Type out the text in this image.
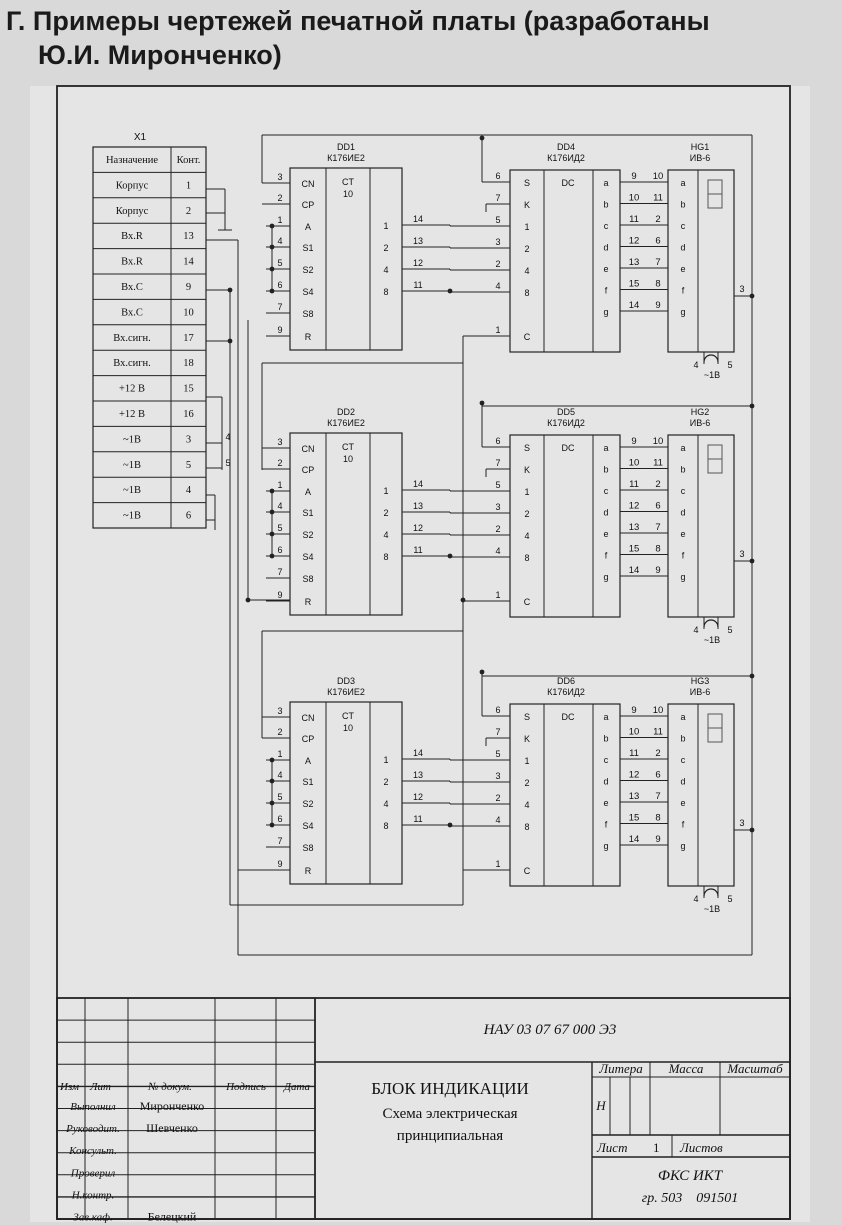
Г. Примеры чертежей печатной платы (разработаны
Ю.И. Миронченко)
X1
Назначение Конт.
Корпус	1
Корпус	2
Вх.R	13
Вх.R	14
Вх.С	9
Вх.С	10
Вх.сигн.	17
Вх.сигн.	18
+12 В	15
+12 В	16
~1В	3
~1В	5
~1В	4
~1В	6
4
5
DD1
К176ИЕ2
CT
10
CN
3
CP
2
A
1
S1
4
S2
5
S4
6
S8
7
R
9
1
14
2
13
4
12
8
11
DD4
К176ИД2
DC
S
6
K
7
1
5
2
3
4
2
8
4
C
1
a
9
b
10
c
11
d
12
e
13
f
15
g
14
HG1
ИВ-6
a
10
b
11
c
2
d
6
e
7
f
8
g
9
3
4	5
~1В
DD2
К176ИЕ2
CT
10
CN
3
CP
2
A
1
S1
4
S2
5
S4
6
S8
7
R
9
1
14
2
13
4
12
8
11
DD5
К176ИД2
DC
S
6
K
7
1
5
2
3
4
2
8
4
C
1
a
9
b
10
c
11
d
12
e
13
f
15
g
14
HG2
ИВ-6
a
10
b
11
c
2
d
6
e
7
f
8
g
9
3
4	5
~1В
DD3
К176ИЕ2
CT
10
CN
3
CP
2
A
1
S1
4
S2
5
S4
6
S8
7
R
9
1
14
2
13
4
12
8
11
DD6
К176ИД2
DC
S
6
K
7
1
5
2
3
4
2
8
4
C
1
a
9
b
10
c
11
d
12
e
13
f
15
g
14
HG3
ИВ-6
a
10
b
11
c
2
d
6
e
7
f
8
g
9
3
4	5
~1В
НАУ 03 07 67 000 Э3
БЛОК ИНДИКАЦИИ
Схема электрическая
принципиальная
Изм Лит	№ докум.	Подпись Дата
Выполнил Миронченко
Руководит. Шевченко
Консульт.
Проверил
Н.контр.
Зав.каф.	Белецкий
Литера Масса Масштаб
Н
Лист 1 Листов
ФКС ИКТ
гр. 503    091501
